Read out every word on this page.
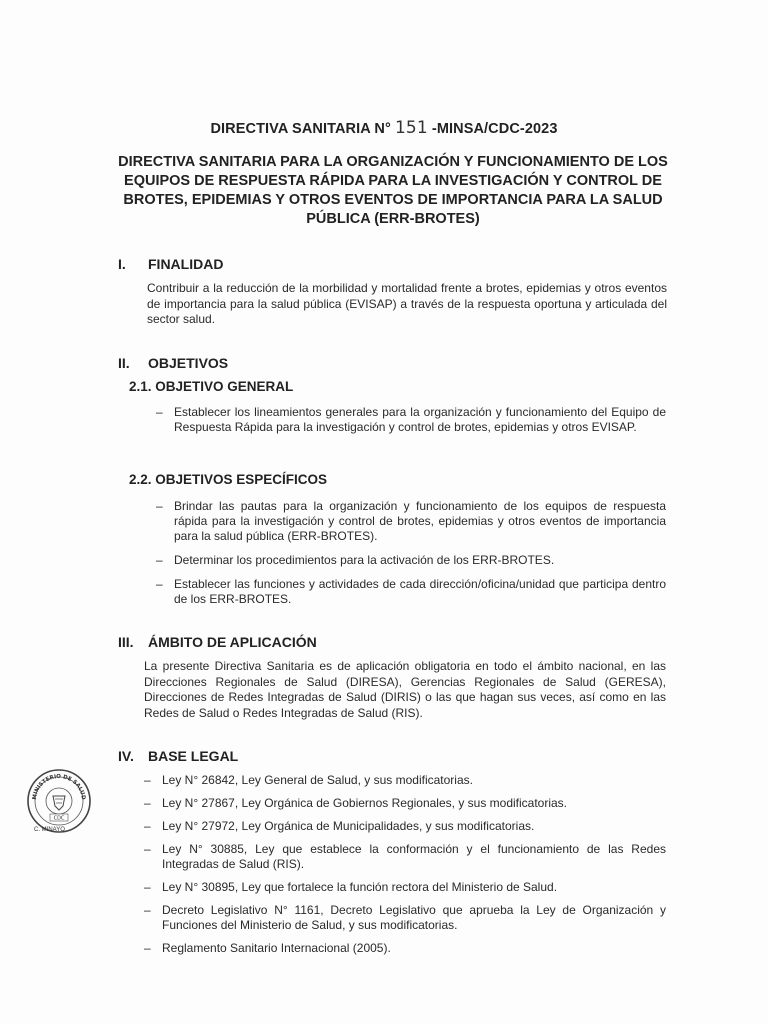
DIRECTIVA SANITARIA N° 151 -MINSA/CDC-2023
DIRECTIVA SANITARIA PARA LA ORGANIZACIÓN Y FUNCIONAMIENTO DE LOS EQUIPOS DE RESPUESTA RÁPIDA PARA LA INVESTIGACIÓN Y CONTROL DE BROTES, EPIDEMIAS Y OTROS EVENTOS DE IMPORTANCIA PARA LA SALUD PÚBLICA (ERR-BROTES)
I. FINALIDAD
Contribuir a la reducción de la morbilidad y mortalidad frente a brotes, epidemias y otros eventos de importancia para la salud pública (EVISAP) a través de la respuesta oportuna y articulada del sector salud.
II. OBJETIVOS
2.1. OBJETIVO GENERAL
– Establecer los lineamientos generales para la organización y funcionamiento del Equipo de Respuesta Rápida para la investigación y control de brotes, epidemias y otros EVISAP.
2.2. OBJETIVOS ESPECÍFICOS
– Brindar las pautas para la organización y funcionamiento de los equipos de respuesta rápida para la investigación y control de brotes, epidemias y otros eventos de importancia para la salud pública (ERR-BROTES).
– Determinar los procedimientos para la activación de los ERR-BROTES.
– Establecer las funciones y actividades de cada dirección/oficina/unidad que participa dentro de los ERR-BROTES.
III. ÁMBITO DE APLICACIÓN
La presente Directiva Sanitaria es de aplicación obligatoria en todo el ámbito nacional, en las Direcciones Regionales de Salud (DIRESA), Gerencias Regionales de Salud (GERESA), Direcciones de Redes Integradas de Salud (DIRIS) o las que hagan sus veces, así como en las Redes de Salud o Redes Integradas de Salud (RIS).
IV. BASE LEGAL
– Ley N° 26842, Ley General de Salud, y sus modificatorias.
– Ley N° 27867, Ley Orgánica de Gobiernos Regionales, y sus modificatorias.
– Ley N° 27972, Ley Orgánica de Municipalidades, y sus modificatorias.
– Ley N° 30885, Ley que establece la conformación y el funcionamiento de las Redes Integradas de Salud (RIS).
– Ley N° 30895, Ley que fortalece la función rectora del Ministerio de Salud.
– Decreto Legislativo N° 1161, Decreto Legislativo que aprueba la Ley de Organización y Funciones del Ministerio de Salud, y sus modificatorias.
– Reglamento Sanitario Internacional (2005).
MINISTERIO DE SALUD
CDC
C. MINAYO
